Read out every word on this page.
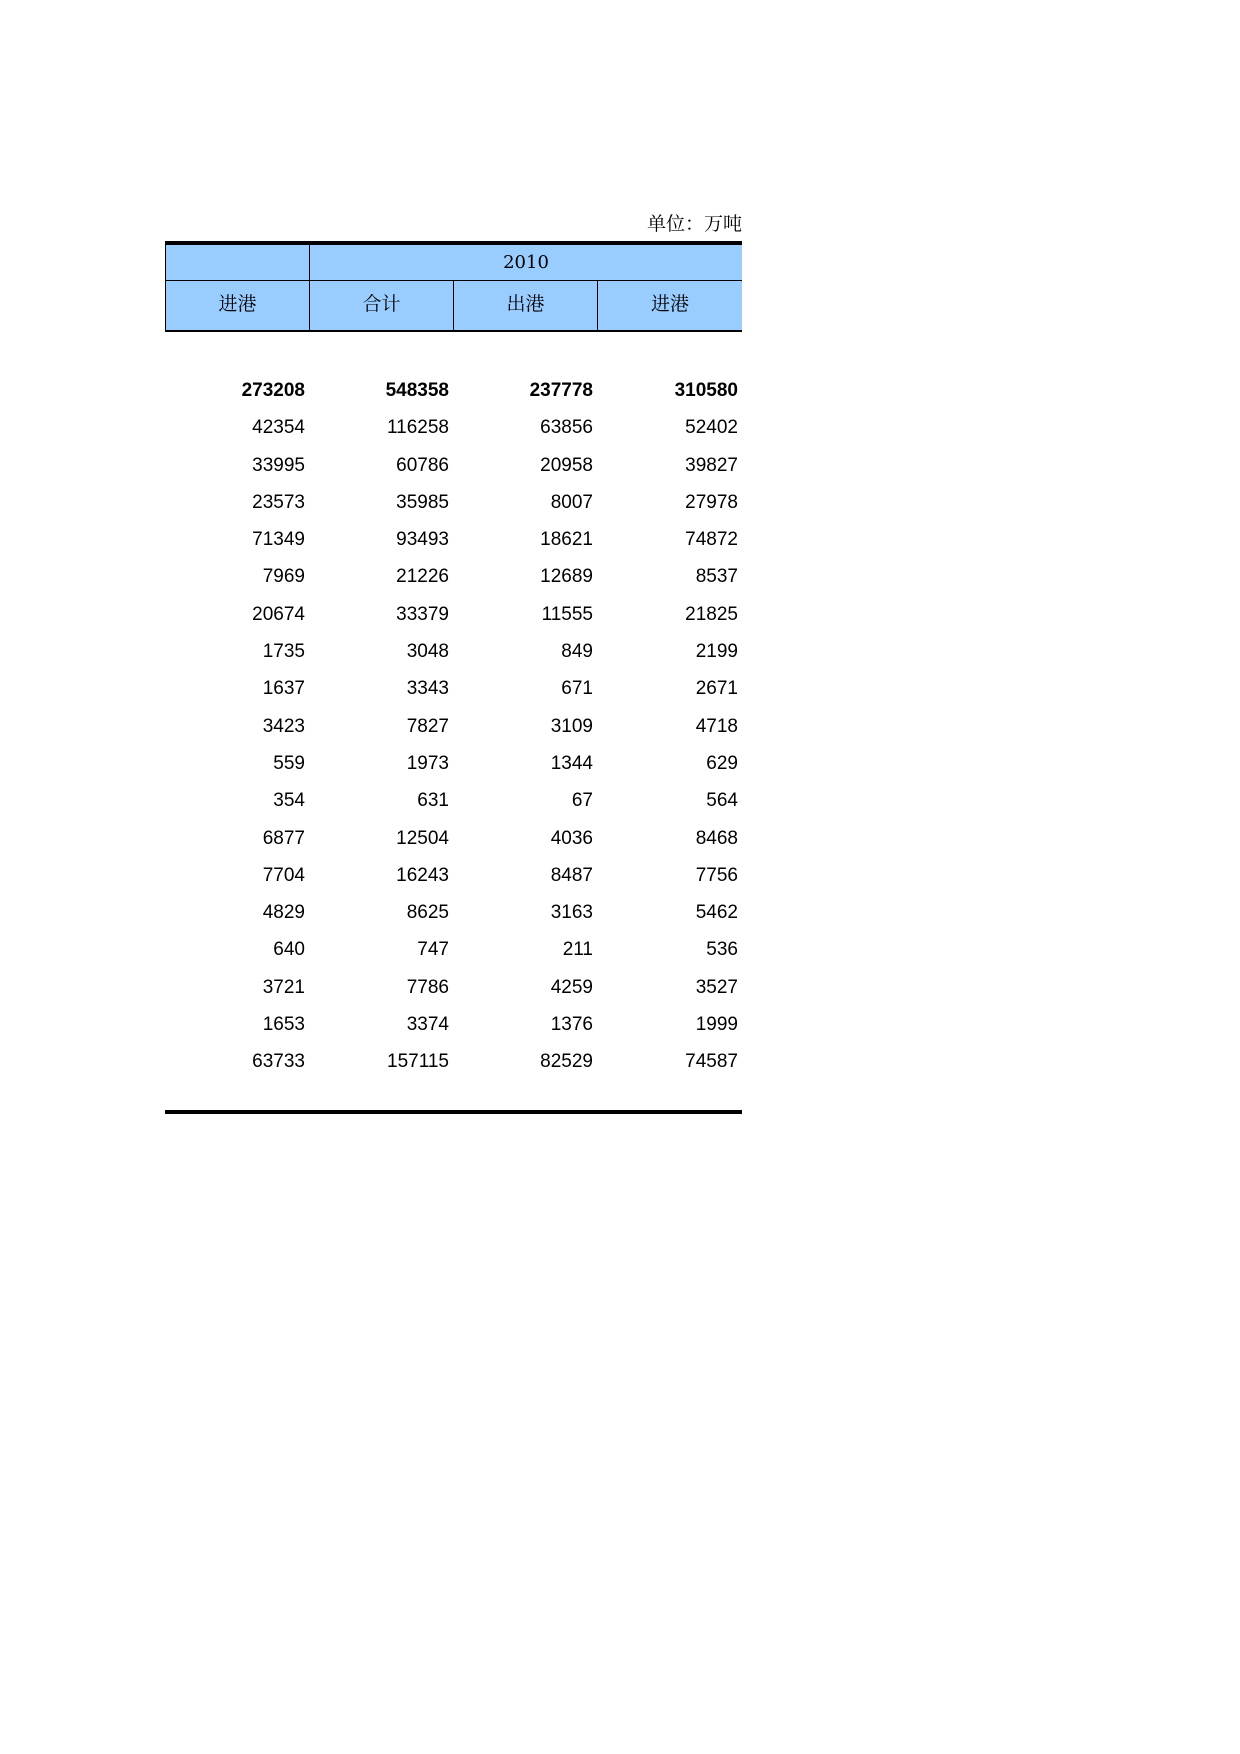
单位：万吨
2010
进港	合计	出港	进港
273208	548358	237778	310580
42354	116258	63856	52402
33995	60786	20958	39827
23573	35985	8007	27978
71349	93493	18621	74872
7969	21226	12689	8537
20674	33379	11555	21825
1735	3048	849	2199
1637	3343	671	2671
3423	7827	3109	4718
559	1973	1344	629
354	631	67	564
6877	12504	4036	8468
7704	16243	8487	7756
4829	8625	3163	5462
640	747	211	536
3721	7786	4259	3527
1653	3374	1376	1999
63733	157115	82529	74587
